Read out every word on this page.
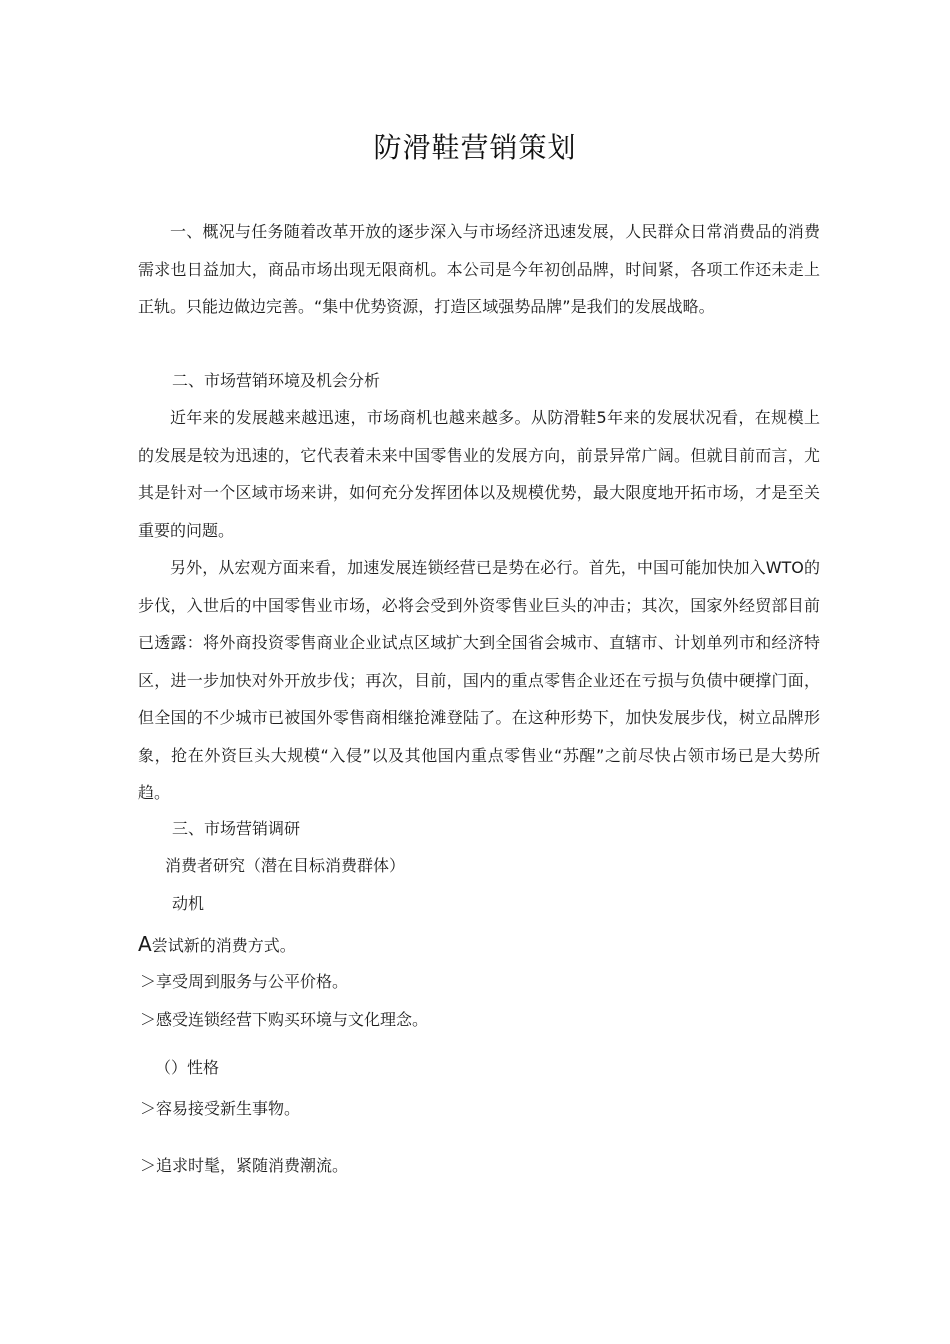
防滑鞋营销策划

一、概况与任务随着改革开放的逐步深入与市场经济迅速发展，人民群众日常消费品的消费需求也日益加大，商品市场出现无限商机。本公司是今年初创品牌，时间紧，各项工作还未走上正轨。只能边做边完善。“集中优势资源，打造区域强势品牌”是我们的发展战略。

二、市场营销环境及机会分析

近年来的发展越来越迅速，市场商机也越来越多。从防滑鞋5年来的发展状况看，在规模上的发展是较为迅速的，它代表着未来中国零售业的发展方向，前景异常广阔。但就目前而言，尤其是针对一个区域市场来讲，如何充分发挥团体以及规模优势，最大限度地开拓市场，才是至关重要的问题。

另外，从宏观方面来看，加速发展连锁经营已是势在必行。首先，中国可能加快加入WTO的步伐，入世后的中国零售业市场，必将会受到外资零售业巨头的冲击；其次，国家外经贸部目前已透露：将外商投资零售商业企业试点区域扩大到全国省会城市、直辖市、计划单列市和经济特区，进一步加快对外开放步伐；再次，目前，国内的重点零售企业还在亏损与负债中硬撑门面，但全国的不少城市已被国外零售商相继抢滩登陆了。在这种形势下，加快发展步伐，树立品牌形象，抢在外资巨头大规模“入侵”以及其他国内重点零售业“苏醒”之前尽快占领市场已是大势所趋。

三、市场营销调研

消费者研究（潜在目标消费群体）

动机

A尝试新的消费方式。

＞享受周到服务与公平价格。

＞感受连锁经营下购买环境与文化理念。

（）性格

＞容易接受新生事物。

＞追求时髦，紧随消费潮流。
